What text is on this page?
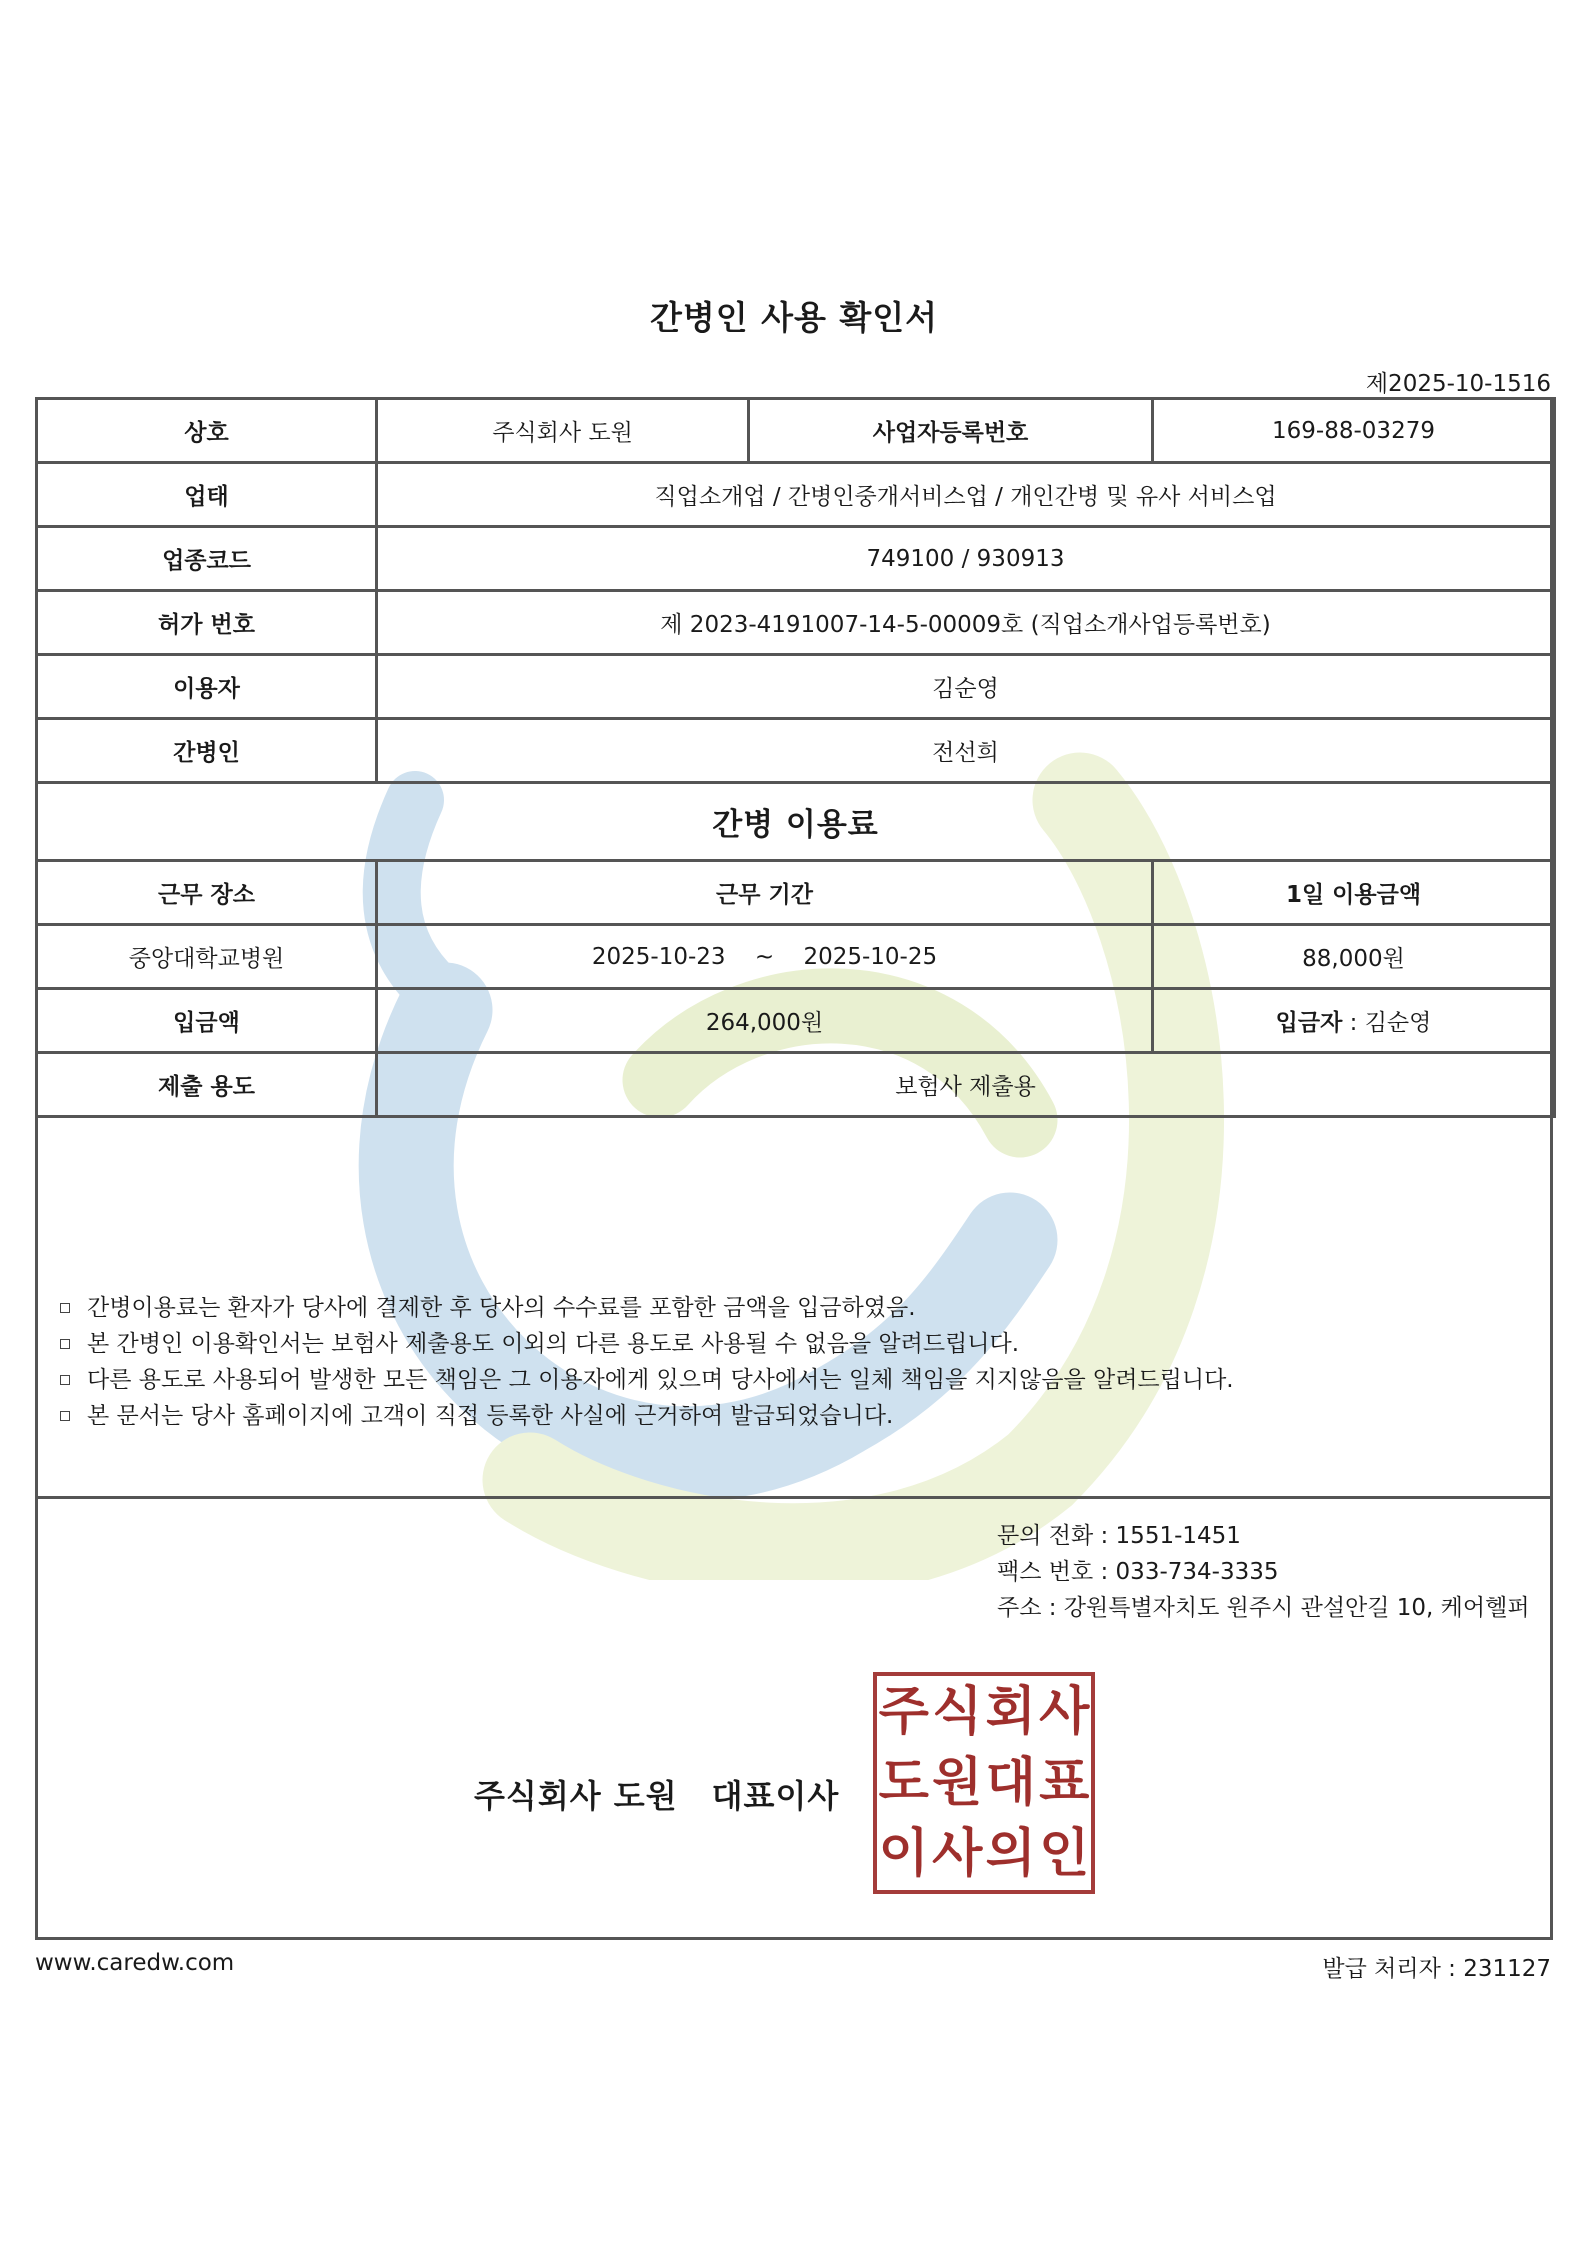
간병인 사용 확인서
제2025-10-1516
상호	주식회사 도원	사업자등록번호	169-88-03279
업태	직업소개업 / 간병인중개서비스업 / 개인간병 및 유사 서비스업		
업종코드	749100 / 930913		
허가 번호	제 2023-4191007-14-5-00009호 (직업소개사업등록번호)		
이용자	김순영		
간병인	전선희		
간병 이용료			
근무 장소	근무 기간		1일 이용금액
중앙대학교병원	2025-10-23 ~ 2025-10-25		88,000원
입금액	264,000원		입금자 : 김순영
제출 용도	보험사 제출용		
간병이용료는 환자가 당사에 결제한 후 당사의 수수료를 포함한 금액을 입금하였음.
본 간병인 이용확인서는 보험사 제출용도 이외의 다른 용도로 사용될 수 없음을 알려드립니다.
다른 용도로 사용되어 발생한 모든 책임은 그 이용자에게 있으며 당사에서는 일체 책임을 지지않음을 알려드립니다.
본 문서는 당사 홈페이지에 고객이 직접 등록한 사실에 근거하여 발급되었습니다.
문의 전화 : 1551-1451
팩스 번호 : 033-734-3335
주소 : 강원특별자치도 원주시 관설안길 10, 케어헬퍼
주식회사 도원 대표이사
주 식 회 사
도 원 대 표
이 사 의 인
www.caredw.com	발급 처리자 : 231127
